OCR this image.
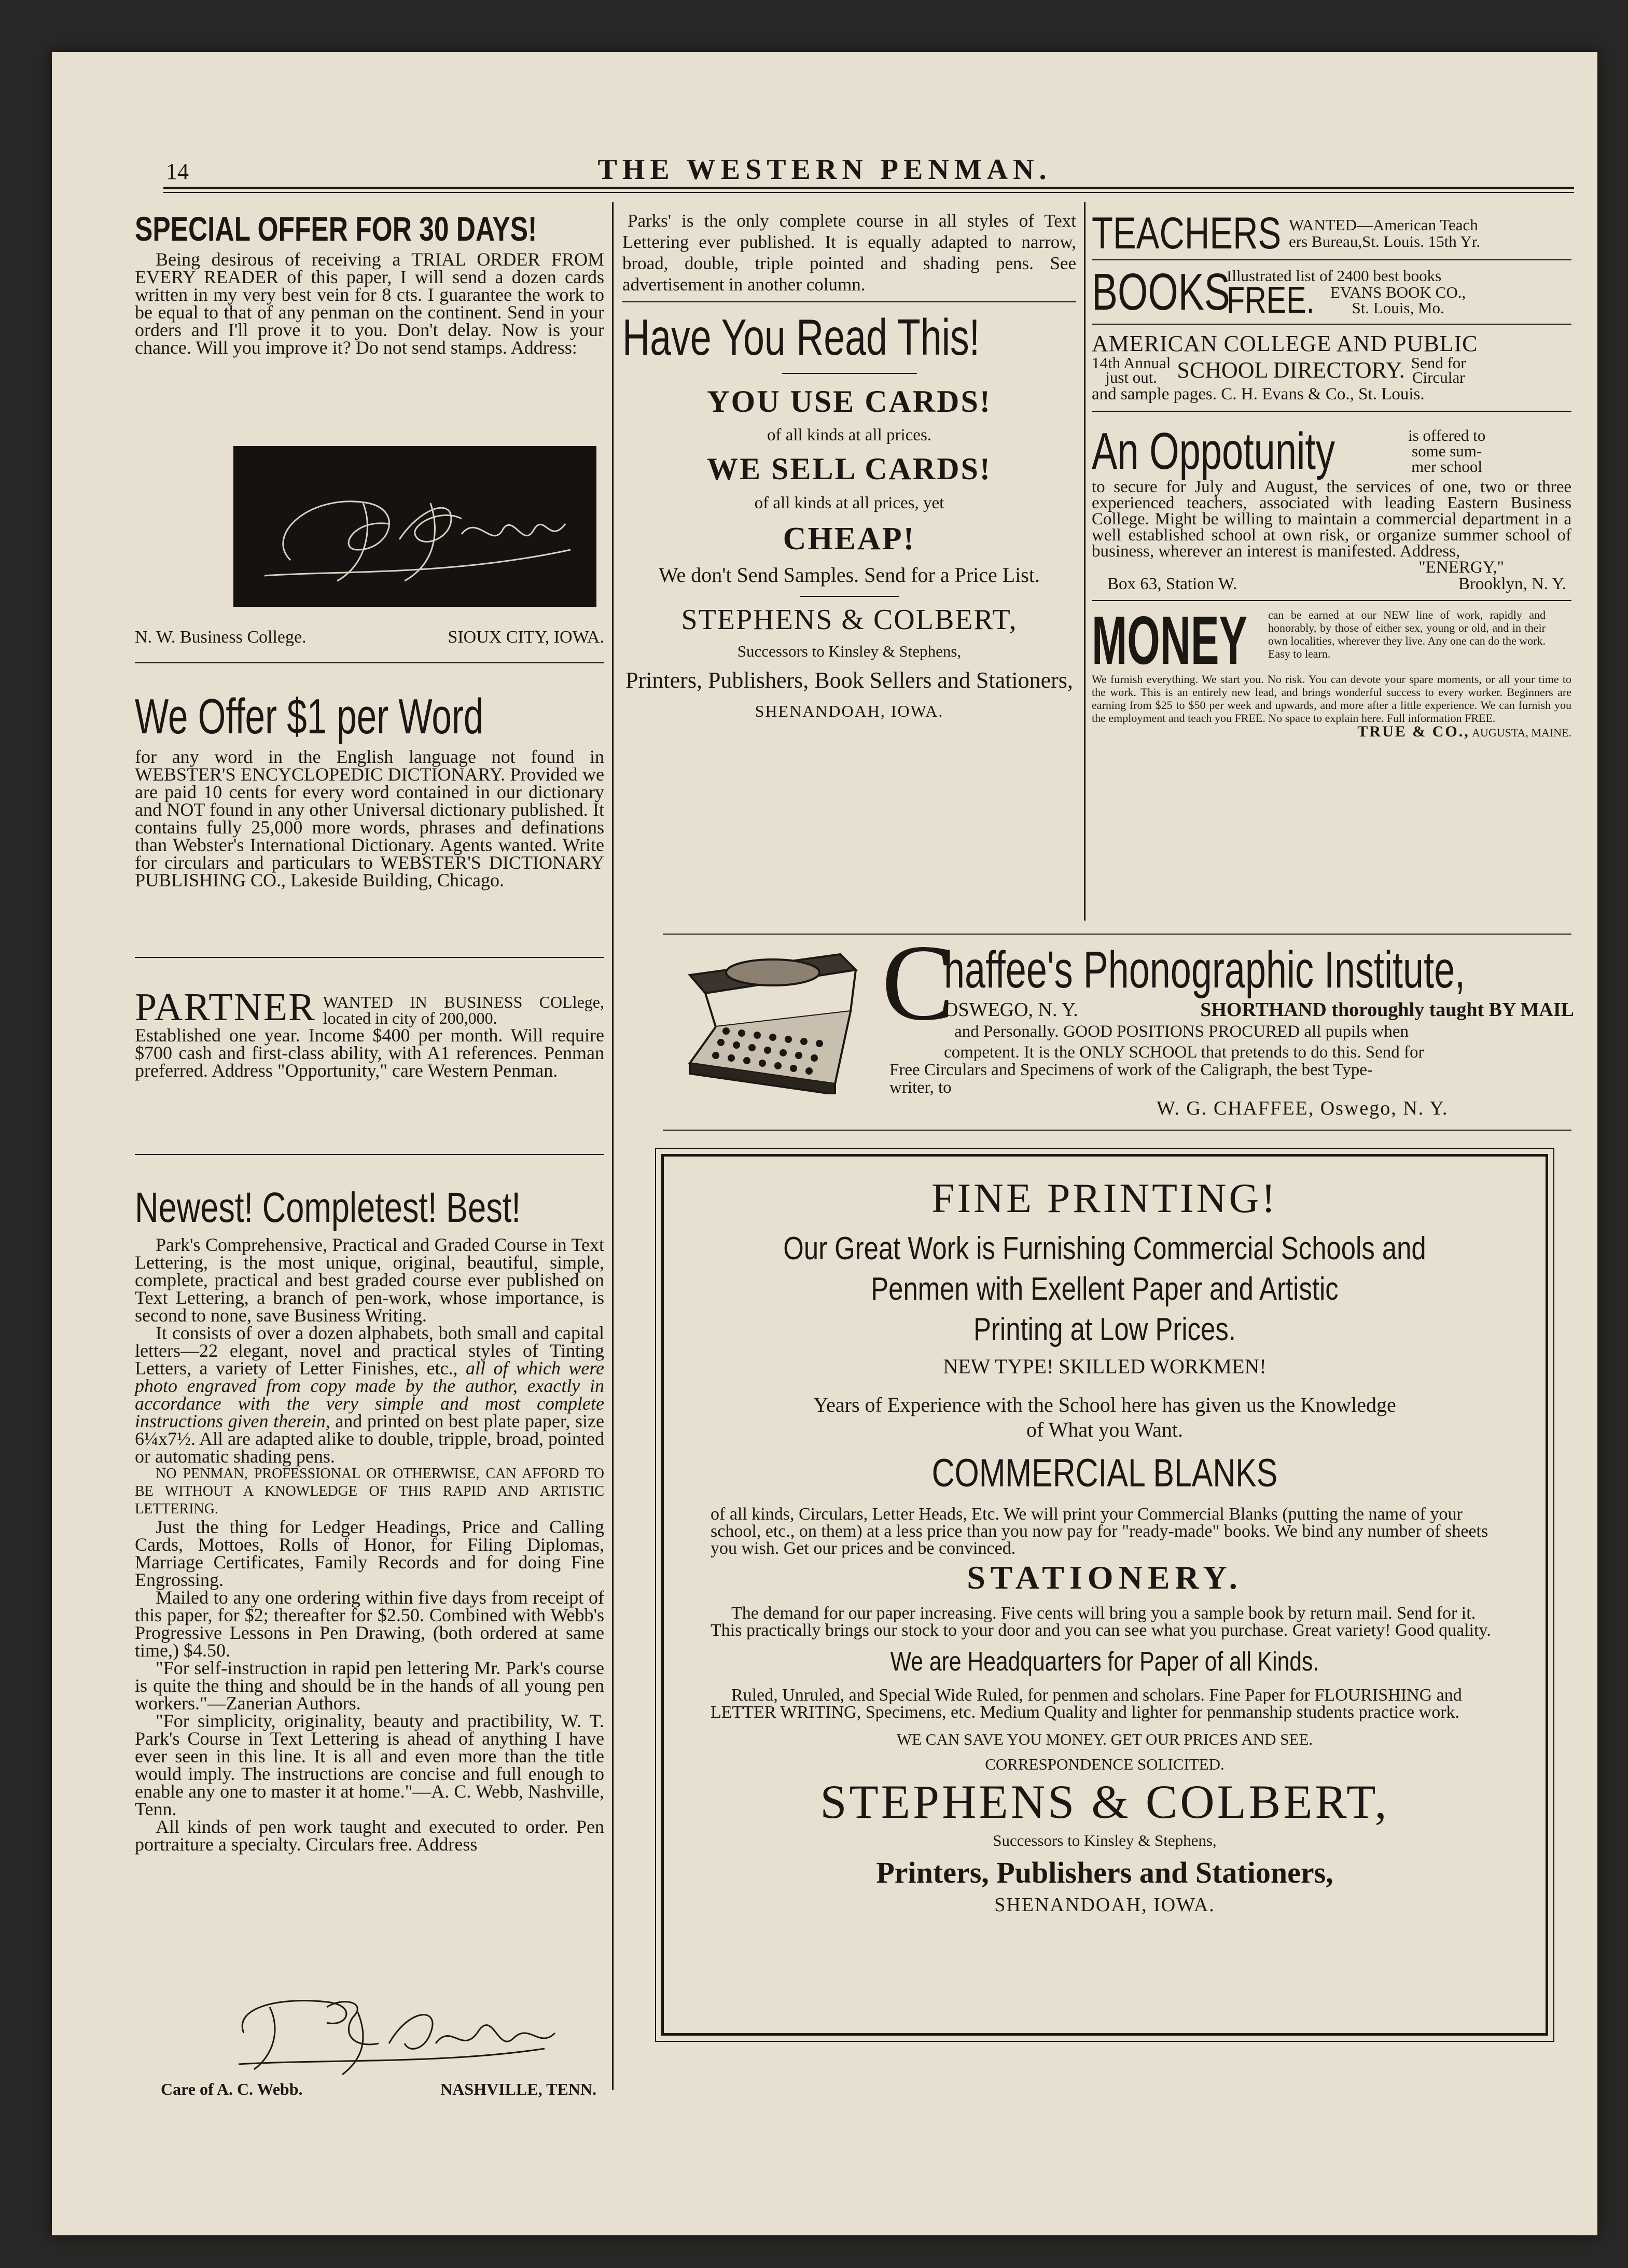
14	THE WESTERN PENMAN.
SPECIAL OFFER FOR 30 DAYS!
Being desirous of receiving a TRIAL ORDER FROM EVERY READER of this paper, I will send a dozen cards written in my very best vein for 8 cts. I guarantee the work to be equal to that of any penman on the continent. Send in your orders and I'll prove it to you. Don't delay. Now is your chance. Will you improve it? Do not send stamps. Address:
N. W. Business College.	SIOUX CITY, IOWA.
We Offer $1 per Word
for any word in the English language not found in WEBSTER'S ENCYCLOPEDIC DICTIONARY. Provided we are paid 10 cents for every word contained in our dictionary and NOT found in any other Universal dictionary published. It contains fully 25,000 more words, phrases and definations than Webster's International Dictionary. Agents wanted. Write for circulars and particulars to WEBSTER'S DICTIONARY PUBLISHING CO., Lakeside Building, Chicago.
PARTNER WANTED IN BUSINESS COLlege, located in city of 200,000.
Established one year. Income $400 per month. Will require $700 cash and first-class ability, with A1 references. Penman preferred. Address "Opportunity," care Western Penman.
Newest! Completest! Best!
Park's Comprehensive, Practical and Graded Course in Text Lettering, is the most unique, original, beautiful, simple, complete, practical and best graded course ever published on Text Lettering, a branch of pen-work, whose importance, is second to none, save Business Writing.
It consists of over a dozen alphabets, both small and capital letters—22 elegant, novel and practical styles of Tinting Letters, a variety of Letter Finishes, etc., all of which were photo engraved from copy made by the author, exactly in accordance with the very simple and most complete instructions given therein, and printed on best plate paper, size 6¼x7½. All are adapted alike to double, tripple, broad, pointed or automatic shading pens.
NO PENMAN, PROFESSIONAL OR OTHERWISE, CAN AFFORD TO BE WITHOUT A KNOWLEDGE OF THIS RAPID AND ARTISTIC LETTERING.
Just the thing for Ledger Headings, Price and Calling Cards, Mottoes, Rolls of Honor, for Filing Diplomas, Marriage Certificates, Family Records and for doing Fine Engrossing.
Mailed to any one ordering within five days from receipt of this paper, for $2; thereafter for $2.50. Combined with Webb's Progressive Lessons in Pen Drawing, (both ordered at same time,) $4.50.
"For self-instruction in rapid pen lettering Mr. Park's course is quite the thing and should be in the hands of all young pen workers."—Zanerian Authors.
"For simplicity, originality, beauty and practibility, W. T. Park's Course in Text Lettering is ahead of anything I have ever seen in this line. It is all and even more than the title would imply. The instructions are concise and full enough to enable any one to master it at home."—A. C. Webb, Nashville, Tenn.
All kinds of pen work taught and executed to order. Pen portraiture a specialty. Circulars free. Address
Care of A. C. Webb.	NASHVILLE, TENN.
Parks' is the only complete course in all styles of Text Lettering ever published. It is equally adapted to narrow, broad, double, triple pointed and shading pens. See advertisement in another column.
Have You Read This!
YOU USE CARDS!
of all kinds at all prices.
WE SELL CARDS!
of all kinds at all prices, yet
CHEAP!
We don't Send Samples. Send for a Price List.
STEPHENS & COLBERT,
Successors to Kinsley & Stephens,
Printers, Publishers, Book Sellers and Stationers,
SHENANDOAH, IOWA.
TEACHERS WANTED—American Teach
ers Bureau,St. Louis. 15th Yr.
BOOKS
Illustrated list of 2400 best books
FREE. EVANS BOOK CO.,
St. Louis, Mo.
AMERICAN COLLEGE AND PUBLIC
14th Annual
just out. SCHOOL DIRECTORY. Send for
Circular
and sample pages. C. H. Evans & Co., St. Louis.
An Oppotunity	is offered to
some sum-
mer school
to secure for July and August, the services of one, two or three experienced teachers, associated with leading Eastern Business College. Might be willing to maintain a commercial department in a well established school at own risk, or organize summer school of business, wherever an interest is manifested. Address,
"ENERGY,"
Box 63, Station W.	Brooklyn, N. Y.
MONEY can be earned at our NEW line of work, rapidly and honorably, by those of either sex, young or old, and in their own localities, wherever they live. Any one can do the work. Easy to learn.
We furnish everything. We start you. No risk. You can devote your spare moments, or all your time to the work. This is an entirely new lead, and brings wonderful success to every worker. Beginners are earning from $25 to $50 per week and upwards, and more after a little experience. We can furnish you the employment and teach you FREE. No space to explain here. Full information FREE.
TRUE & CO., AUGUSTA, MAINE.
C
haffee's Phonographic Institute,
OSWEGO, N. Y.	SHORTHAND thoroughly taught BY MAIL
and Personally. GOOD POSITIONS PROCURED all pupils when
competent. It is the ONLY SCHOOL that pretends to do this. Send for
Free Circulars and Specimens of work of the Caligraph, the best Type-
writer, to
W. G. CHAFFEE, Oswego, N. Y.
FINE PRINTING!
Our Great Work is Furnishing Commercial Schools and
Penmen with Exellent Paper and Artistic
Printing at Low Prices.
NEW TYPE! SKILLED WORKMEN!
Years of Experience with the School here has given us the Knowledge
of What you Want.
COMMERCIAL BLANKS
of all kinds, Circulars, Letter Heads, Etc. We will print your Commercial Blanks (putting the name of your school, etc., on them) at a less price than you now pay for "ready-made" books. We bind any number of sheets you wish. Get our prices and be convinced.
STATIONERY.
The demand for our paper increasing. Five cents will bring you a sample book by return mail. Send for it. This practically brings our stock to your door and you can see what you purchase. Great variety! Good quality.
We are Headquarters for Paper of all Kinds.
Ruled, Unruled, and Special Wide Ruled, for penmen and scholars. Fine Paper for FLOURISHING and LETTER WRITING, Specimens, etc. Medium Quality and lighter for penmanship students practice work.
WE CAN SAVE YOU MONEY. GET OUR PRICES AND SEE.
CORRESPONDENCE SOLICITED.
STEPHENS & COLBERT,
Successors to Kinsley & Stephens,
Printers, Publishers and Stationers,
SHENANDOAH, IOWA.
